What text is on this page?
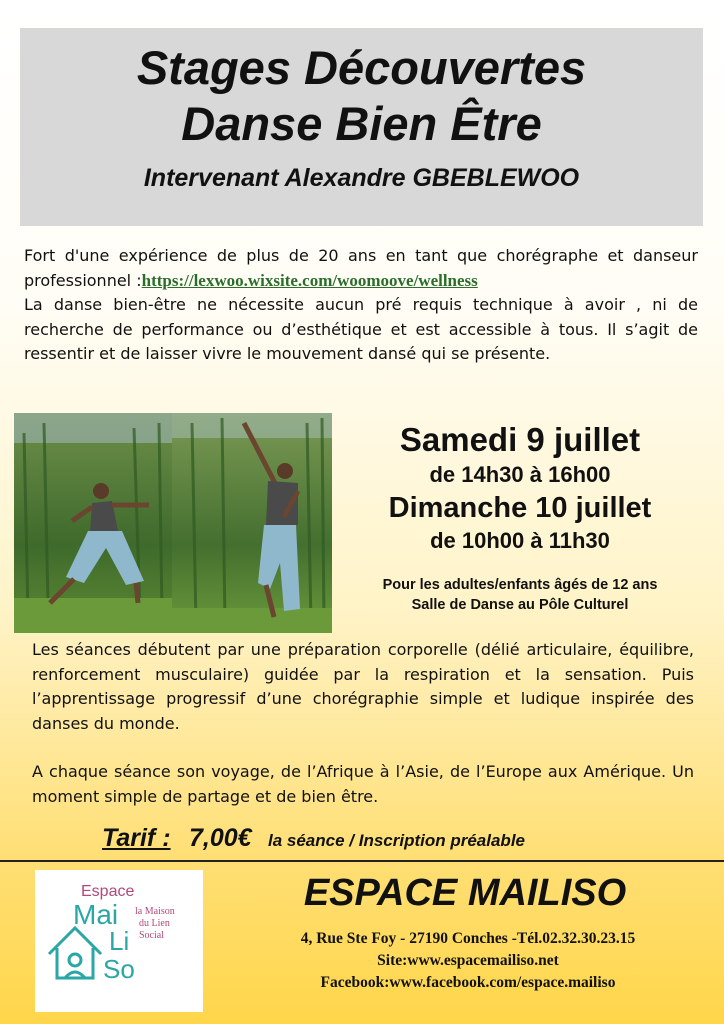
Stages Découvertes
Danse Bien Être
Intervenant Alexandre GBEBLEWOO
Fort d'une expérience de plus de 20 ans en tant que chorégraphe et danseur professionnel :https://lexwoo.wixsite.com/woomoove/wellness
La danse bien-être ne nécessite aucun pré requis technique à avoir , ni de recherche de performance ou d’esthétique et est accessible à tous. Il s’agit de ressentir et de laisser vivre le mouvement dansé qui se présente.
Samedi 9 juillet
de 14h30 à 16h00
Dimanche 10 juillet
de 10h00 à 11h30
Pour les adultes/enfants âgés de 12 ans
Salle de Danse au Pôle Culturel
Les séances débutent par une préparation corporelle (délié articulaire, équilibre, renforcement musculaire) guidée par la respiration et la sensation. Puis l’apprentissage progressif d’une chorégraphie simple et ludique inspirée des danses du monde.
A chaque séance son voyage, de l’Afrique à l’Asie, de l’Europe aux Amérique. Un moment simple de partage et de bien être.
Tarif : 7,00€ la séance / Inscription préalable
Espace
Mai
Li
So
la Maison
du Lien
Social
ESPACE MAILISO
4, Rue Ste Foy - 27190 Conches -Tél.02.32.30.23.15
Site:www.espacemailiso.net
Facebook:www.facebook.com/espace.mailiso
